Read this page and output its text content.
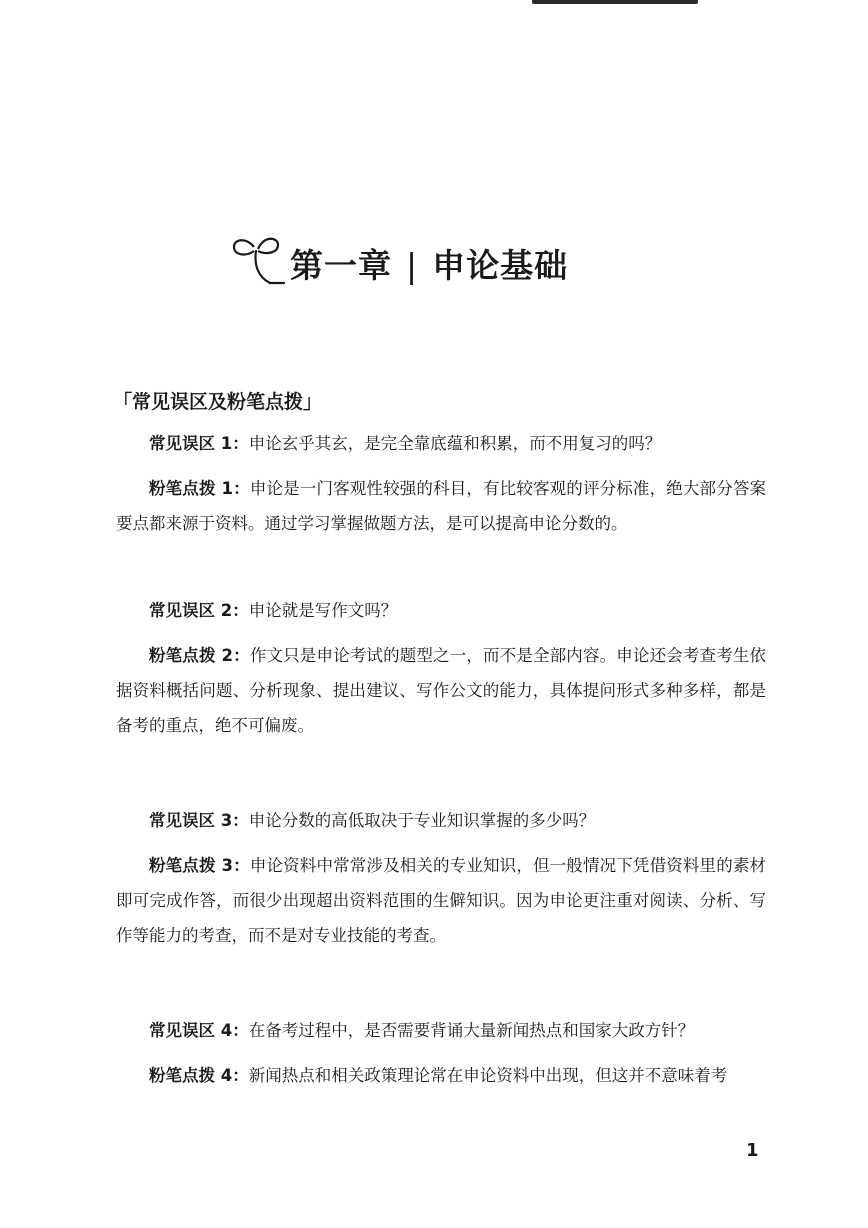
第一章 | 申论基础
「常见误区及粉笔点拨」

常见误区 1：申论玄乎其玄，是完全靠底蕴和积累，而不用复习的吗？

粉笔点拨 1：申论是一门客观性较强的科目，有比较客观的评分标准，绝大部分答案要点都来源于资料。通过学习掌握做题方法，是可以提高申论分数的。

常见误区 2：申论就是写作文吗？

粉笔点拨 2：作文只是申论考试的题型之一，而不是全部内容。申论还会考查考生依据资料概括问题、分析现象、提出建议、写作公文的能力，具体提问形式多种多样，都是备考的重点，绝不可偏废。

常见误区 3：申论分数的高低取决于专业知识掌握的多少吗？

粉笔点拨 3：申论资料中常常涉及相关的专业知识，但一般情况下凭借资料里的素材即可完成作答，而很少出现超出资料范围的生僻知识。因为申论更注重对阅读、分析、写作等能力的考查，而不是对专业技能的考查。

常见误区 4：在备考过程中，是否需要背诵大量新闻热点和国家大政方针？

粉笔点拨 4：新闻热点和相关政策理论常在申论资料中出现，但这并不意味着考

1
